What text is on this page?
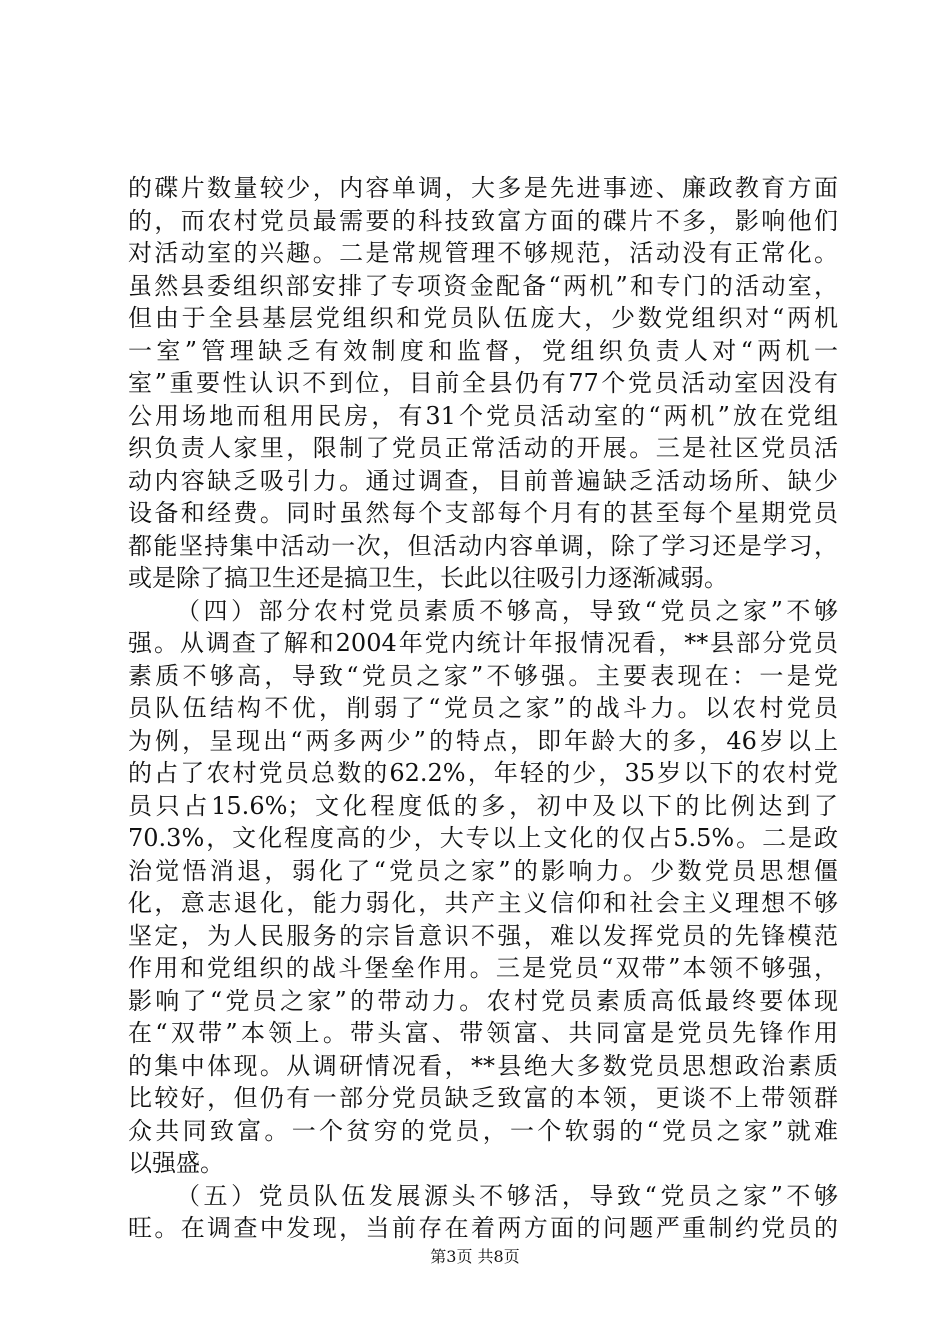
的碟片数量较少，内容单调，大多是先进事迹、廉政教育方面
的，而农村党员最需要的科技致富方面的碟片不多，影响他们
对活动室的兴趣。二是常规管理不够规范，活动没有正常化。
虽然县委组织部安排了专项资金配备“两机”和专门的活动室，
但由于全县基层党组织和党员队伍庞大，少数党组织对“两机
一室”管理缺乏有效制度和监督，党组织负责人对“两机一
室”重要性认识不到位，目前全县仍有77个党员活动室因没有
公用场地而租用民房，有31个党员活动室的“两机”放在党组
织负责人家里，限制了党员正常活动的开展。三是社区党员活
动内容缺乏吸引力。通过调查，目前普遍缺乏活动场所、缺少
设备和经费。同时虽然每个支部每个月有的甚至每个星期党员
都能坚持集中活动一次，但活动内容单调，除了学习还是学习，
或是除了搞卫生还是搞卫生，长此以往吸引力逐渐减弱。
（四）部分农村党员素质不够高，导致“党员之家”不够
强。从调查了解和2004年党内统计年报情况看，**县部分党员
素质不够高，导致“党员之家”不够强。主要表现在：一是党
员队伍结构不优，削弱了“党员之家”的战斗力。以农村党员
为例，呈现出“两多两少”的特点，即年龄大的多，46岁以上
的占了农村党员总数的62.2%，年轻的少，35岁以下的农村党
员只占15.6%；文化程度低的多，初中及以下的比例达到了
70.3%，文化程度高的少，大专以上文化的仅占5.5%。二是政
治觉悟消退，弱化了“党员之家”的影响力。少数党员思想僵
化，意志退化，能力弱化，共产主义信仰和社会主义理想不够
坚定，为人民服务的宗旨意识不强，难以发挥党员的先锋模范
作用和党组织的战斗堡垒作用。三是党员“双带”本领不够强，
影响了“党员之家”的带动力。农村党员素质高低最终要体现
在“双带”本领上。带头富、带领富、共同富是党员先锋作用
的集中体现。从调研情况看，**县绝大多数党员思想政治素质
比较好，但仍有一部分党员缺乏致富的本领，更谈不上带领群
众共同致富。一个贫穷的党员，一个软弱的“党员之家”就难
以强盛。
（五）党员队伍发展源头不够活，导致“党员之家”不够
旺。在调查中发现，当前存在着两方面的问题严重制约党员的
第3页 共8页
